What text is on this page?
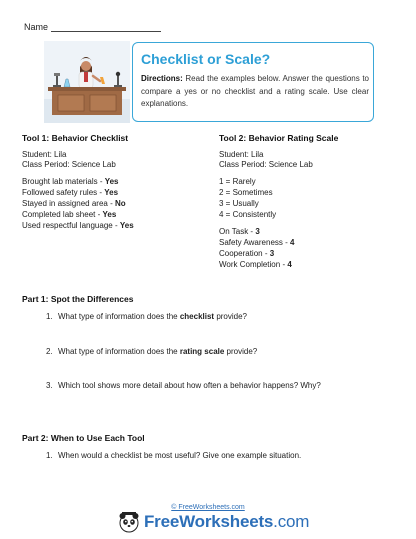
Name
Checklist or Scale?
Directions: Read the examples below. Answer the questions to compare a yes or no checklist and a rating scale. Use clear explanations.
Tool 1: Behavior Checklist
Student: Lila
Class Period: Science Lab
Brought lab materials - Yes
Followed safety rules - Yes
Stayed in assigned area - No
Completed lab sheet - Yes
Used respectful language - Yes
Tool 2: Behavior Rating Scale
Student: Lila
Class Period: Science Lab
1 = Rarely
2 = Sometimes
3 = Usually
4 = Consistently
On Task - 3
Safety Awareness - 4
Cooperation - 3
Work Completion - 4
Part 1: Spot the Differences
1. What type of information does the checklist provide?
2. What type of information does the rating scale provide?
3. Which tool shows more detail about how often a behavior happens? Why?
Part 2: When to Use Each Tool
1. When would a checklist be most useful? Give one example situation.
© FreeWorksheets.com
FreeWorksheets.com
